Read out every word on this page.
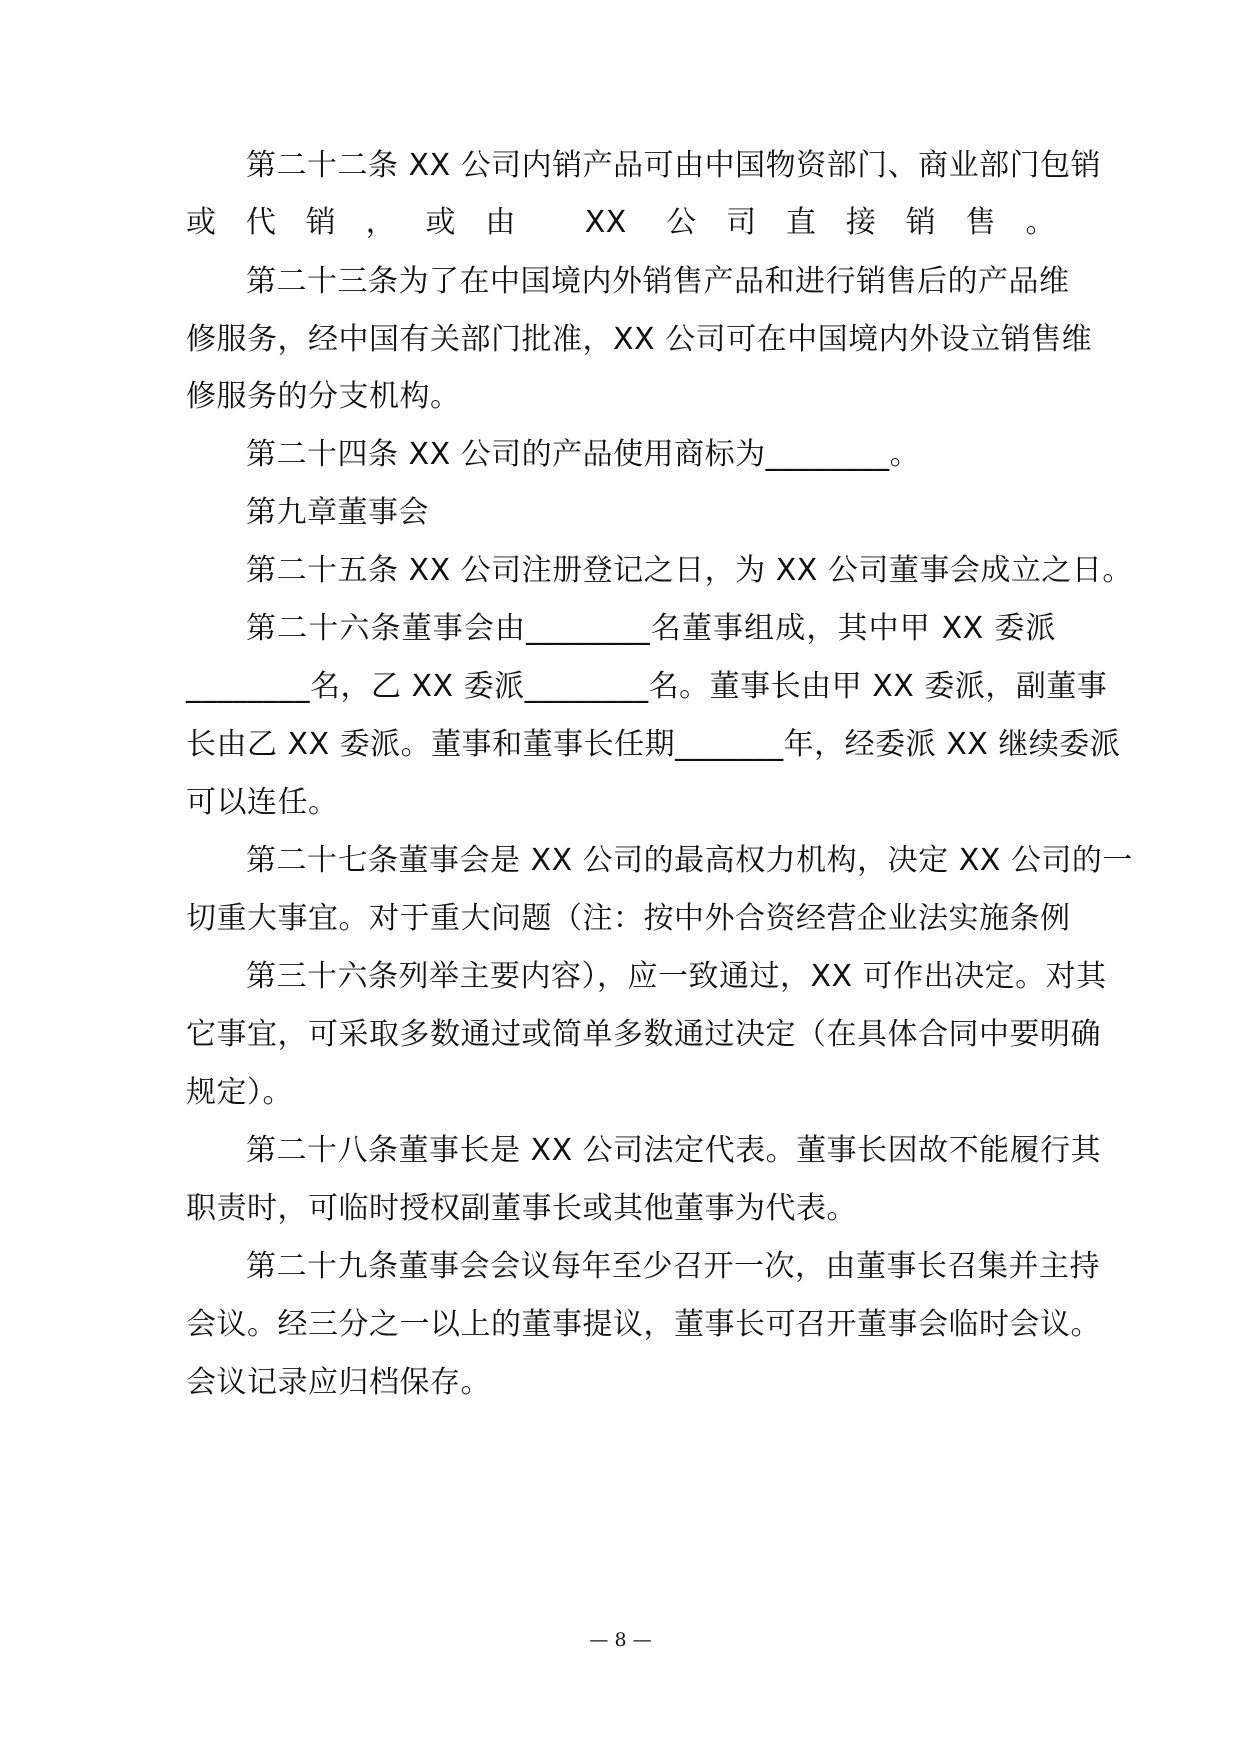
第二十二条 XX 公司内销产品可由中国物资部门、商业部门包销
或代销，或由 XX 公司直接销售。
第二十三条为了在中国境内外销售产品和进行销售后的产品维
修服务，经中国有关部门批准，XX 公司可在中国境内外设立销售维
修服务的分支机构。
第二十四条 XX 公司的产品使用商标为________。
第九章董事会
第二十五条 XX 公司注册登记之日，为 XX 公司董事会成立之日。
第二十六条董事会由________名董事组成，其中甲 XX 委派
________名，乙 XX 委派________名。董事长由甲 XX 委派，副董事
长由乙 XX 委派。董事和董事长任期_______年，经委派 XX 继续委派
可以连任。
第二十七条董事会是 XX 公司的最高权力机构，决定 XX 公司的一
切重大事宜。对于重大问题（注：按中外合资经营企业法实施条例
第三十六条列举主要内容），应一致通过，XX 可作出决定。对其
它事宜，可采取多数通过或简单多数通过决定（在具体合同中要明确
规定）。
第二十八条董事长是 XX 公司法定代表。董事长因故不能履行其
职责时，可临时授权副董事长或其他董事为代表。
第二十九条董事会会议每年至少召开一次，由董事长召集并主持
会议。经三分之一以上的董事提议，董事长可召开董事会临时会议。
会议记录应归档保存。
— 8 —
